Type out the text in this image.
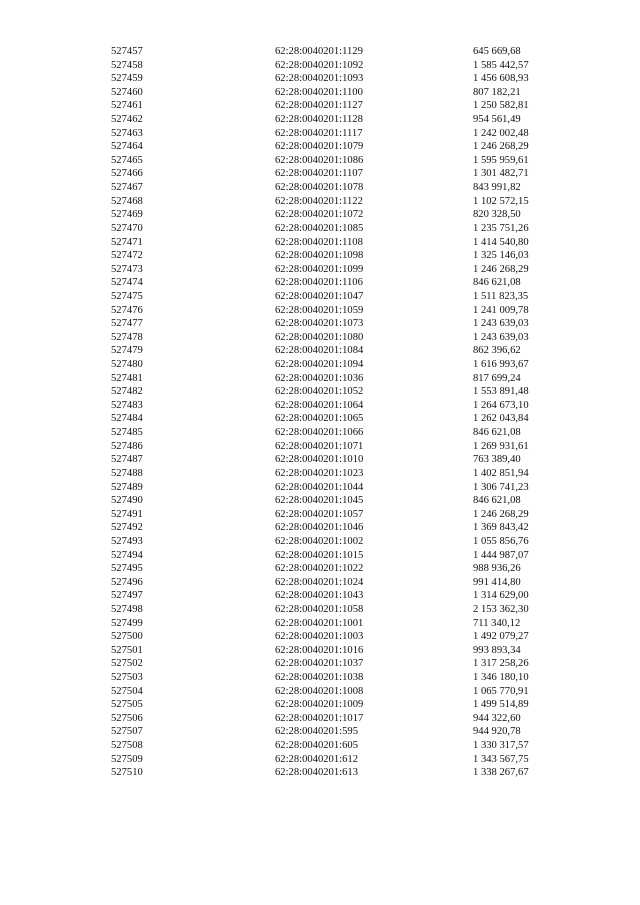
527457	62:28:0040201:1129	645 669,68
527458	62:28:0040201:1092	1 585 442,57
527459	62:28:0040201:1093	1 456 608,93
527460	62:28:0040201:1100	807 182,21
527461	62:28:0040201:1127	1 250 582,81
527462	62:28:0040201:1128	954 561,49
527463	62:28:0040201:1117	1 242 002,48
527464	62:28:0040201:1079	1 246 268,29
527465	62:28:0040201:1086	1 595 959,61
527466	62:28:0040201:1107	1 301 482,71
527467	62:28:0040201:1078	843 991,82
527468	62:28:0040201:1122	1 102 572,15
527469	62:28:0040201:1072	820 328,50
527470	62:28:0040201:1085	1 235 751,26
527471	62:28:0040201:1108	1 414 540,80
527472	62:28:0040201:1098	1 325 146,03
527473	62:28:0040201:1099	1 246 268,29
527474	62:28:0040201:1106	846 621,08
527475	62:28:0040201:1047	1 511 823,35
527476	62:28:0040201:1059	1 241 009,78
527477	62:28:0040201:1073	1 243 639,03
527478	62:28:0040201:1080	1 243 639,03
527479	62:28:0040201:1084	862 396,62
527480	62:28:0040201:1094	1 616 993,67
527481	62:28:0040201:1036	817 699,24
527482	62:28:0040201:1052	1 553 891,48
527483	62:28:0040201:1064	1 264 673,10
527484	62:28:0040201:1065	1 262 043,84
527485	62:28:0040201:1066	846 621,08
527486	62:28:0040201:1071	1 269 931,61
527487	62:28:0040201:1010	763 389,40
527488	62:28:0040201:1023	1 402 851,94
527489	62:28:0040201:1044	1 306 741,23
527490	62:28:0040201:1045	846 621,08
527491	62:28:0040201:1057	1 246 268,29
527492	62:28:0040201:1046	1 369 843,42
527493	62:28:0040201:1002	1 055 856,76
527494	62:28:0040201:1015	1 444 987,07
527495	62:28:0040201:1022	988 936,26
527496	62:28:0040201:1024	991 414,80
527497	62:28:0040201:1043	1 314 629,00
527498	62:28:0040201:1058	2 153 362,30
527499	62:28:0040201:1001	711 340,12
527500	62:28:0040201:1003	1 492 079,27
527501	62:28:0040201:1016	993 893,34
527502	62:28:0040201:1037	1 317 258,26
527503	62:28:0040201:1038	1 346 180,10
527504	62:28:0040201:1008	1 065 770,91
527505	62:28:0040201:1009	1 499 514,89
527506	62:28:0040201:1017	944 322,60
527507	62:28:0040201:595	944 920,78
527508	62:28:0040201:605	1 330 317,57
527509	62:28:0040201:612	1 343 567,75
527510	62:28:0040201:613	1 338 267,67
